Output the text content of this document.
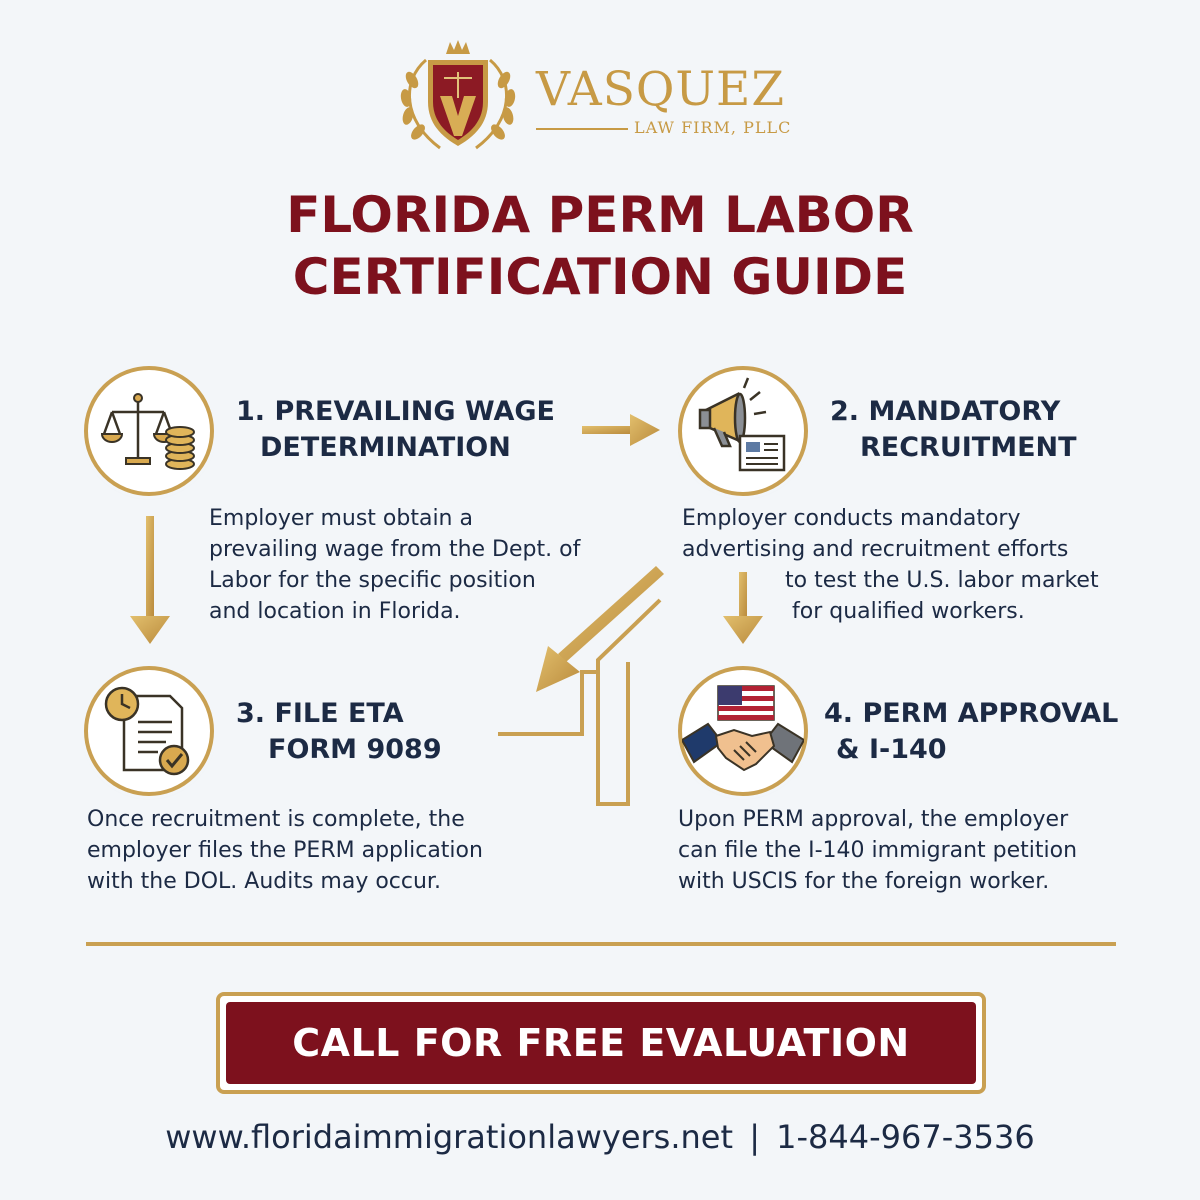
VASQUEZ
LAW FIRM, PLLC
FLORIDA PERM LABOR
CERTIFICATION GUIDE
1. PREVAILING WAGE
DETERMINATION
Employer must obtain a
prevailing wage from the Dept. of
Labor for the specific position
and location in Florida.
2. MANDATORY
RECRUITMENT
Employer conducts mandatory
advertising and recruitment efforts
to test the U.S. labor market
for qualified workers.
3. FILE ETA
FORM 9089
Once recruitment is complete, the
employer files the PERM application
with the DOL. Audits may occur.
4. PERM APPROVAL
& I-140
Upon PERM approval, the employer
can file the I-140 immigrant petition
with USCIS for the foreign worker.
CALL FOR FREE EVALUATION
www.floridaimmigrationlawyers.net | 1-844-967-3536
